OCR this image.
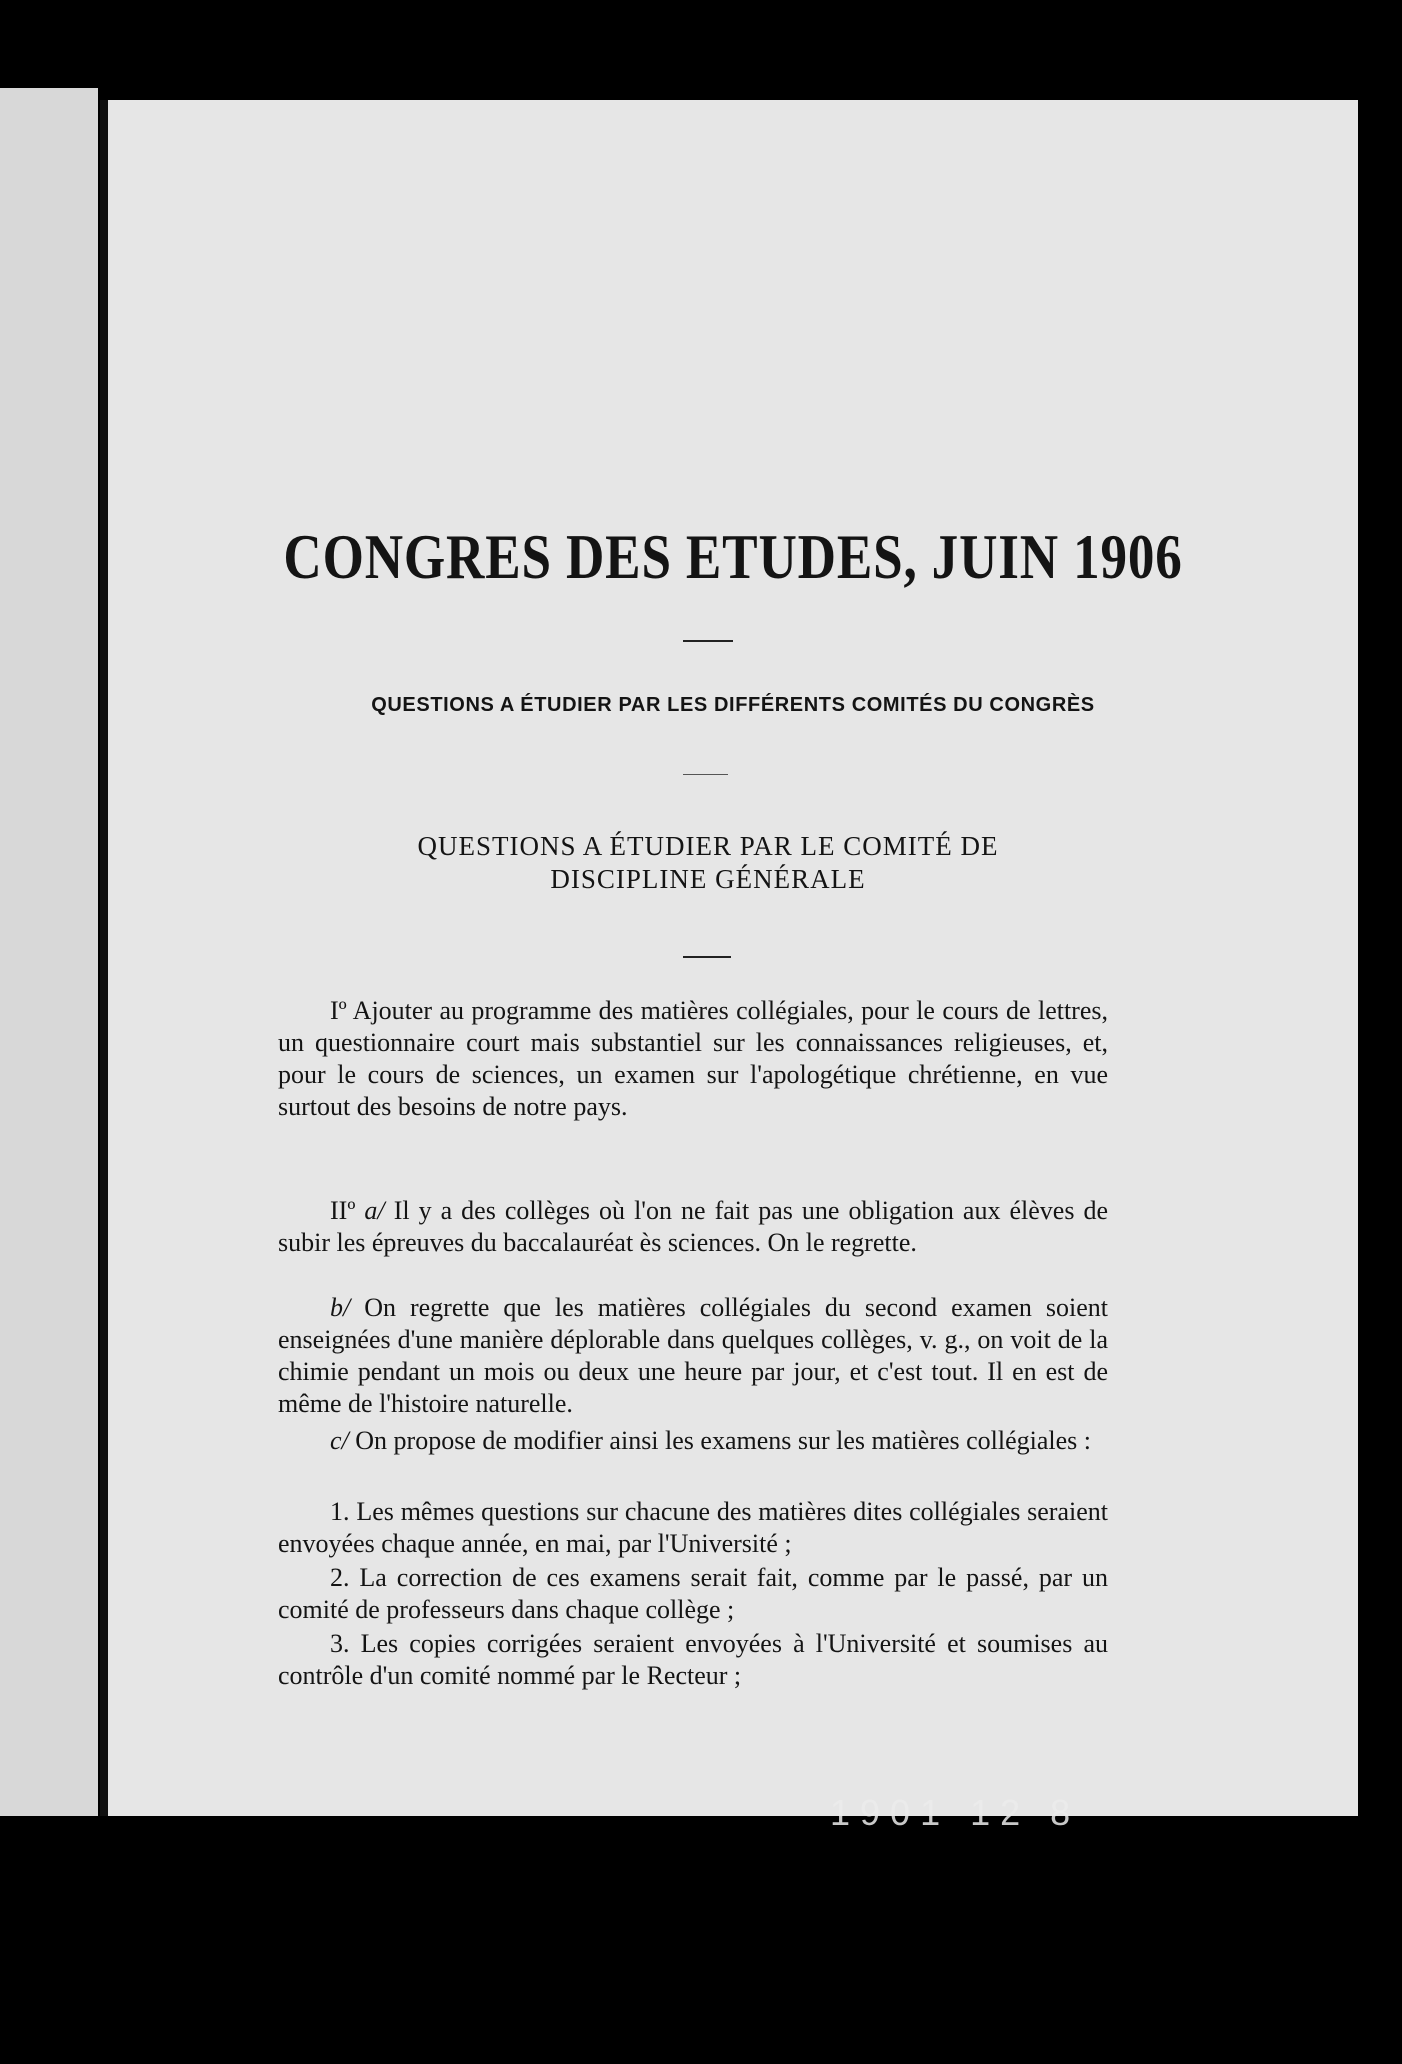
CONGRES DES ETUDES, JUIN 1906
QUESTIONS A ÉTUDIER PAR LES DIFFÉRENTS COMITÉS DU CONGRÈS
QUESTIONS A ÉTUDIER PAR LE COMITÉ DE
DISCIPLINE GÉNÉRALE
Iº Ajouter au programme des matières collégiales, pour le cours de lettres, un questionnaire court mais substantiel sur les connaissances religieuses, et, pour le cours de sciences, un examen sur l'apologétique chrétienne, en vue surtout des besoins de notre pays.
IIº a/ Il y a des collèges où l'on ne fait pas une obligation aux élèves de subir les épreuves du baccalauréat ès sciences. On le regrette.
b/ On regrette que les matières collégiales du second examen soient enseignées d'une manière déplorable dans quelques collèges, v. g., on voit de la chimie pendant un mois ou deux une heure par jour, et c'est tout. Il en est de même de l'histoire naturelle.
c/ On propose de modifier ainsi les examens sur les matières collégiales :
1. Les mêmes questions sur chacune des matières dites collégiales seraient envoyées chaque année, en mai, par l'Université ;
2. La correction de ces examens serait fait, comme par le passé, par un comité de professeurs dans chaque collège ;
3. Les copies corrigées seraient envoyées à l'Université et soumises au contrôle d'un comité nommé par le Recteur ;
1901 12 8
